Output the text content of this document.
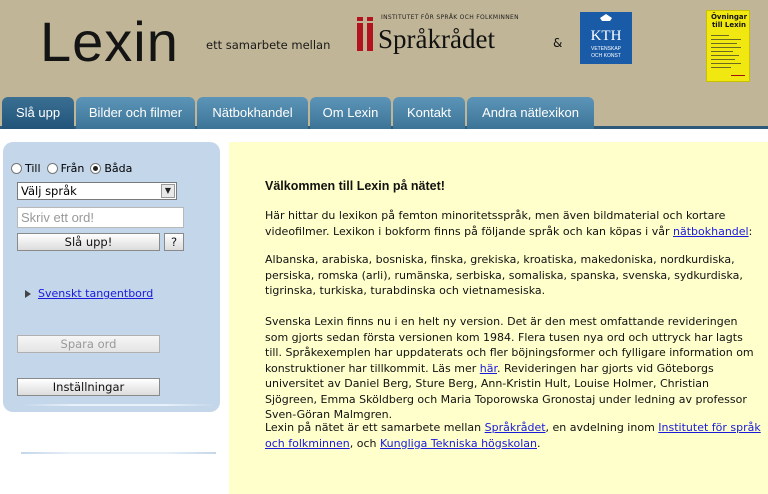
Lexin ett samarbete mellan
INSTITUTET FÖR SPRÅK OCH FOLKMINNEN
Språkrådet	& KTH
VETENSKAP
OCH KONST
Övningar
till Lexin
Slå upp	Bilder och filmer	Nätbokhandel	Om Lexin	Kontakt	Andra nätlexikon
Till Från Båda
Välj språk	▼
Skriv ett ord!
Slå upp!	?
Svenskt tangentbord
Spara ord
Inställningar
Välkommen till Lexin på nätet!

Här hittar du lexikon på femton minoritetsspråk, men även bildmaterial och kortare videofilmer. Lexikon i bokform finns på följande språk och kan köpas i vår nätbokhandel:

Albanska, arabiska, bosniska, finska, grekiska, kroatiska, makedoniska, nordkurdiska, persiska, romska (arli), rumänska, serbiska, somaliska, spanska, svenska, sydkurdiska, tigrinska, turkiska, turabdinska och vietnamesiska.

Svenska Lexin finns nu i en helt ny version. Det är den mest omfattande revideringen som gjorts sedan första versionen kom 1984. Flera tusen nya ord och uttryck har lagts till. Språkexemplen har uppdaterats och fler böjningsformer och fylligare information om konstruktioner har tillkommit. Läs mer här. Revideringen har gjorts vid Göteborgs universitet av Daniel Berg, Sture Berg, Ann-Kristin Hult, Louise Holmer, Christian Sjögreen, Emma Sköldberg och Maria Toporowska Gronostaj under ledning av professor Sven-Göran Malmgren.

Lexin på nätet är ett samarbete mellan Språkrådet, en avdelning inom Institutet för språk och folkminnen, och Kungliga Tekniska högskolan.
